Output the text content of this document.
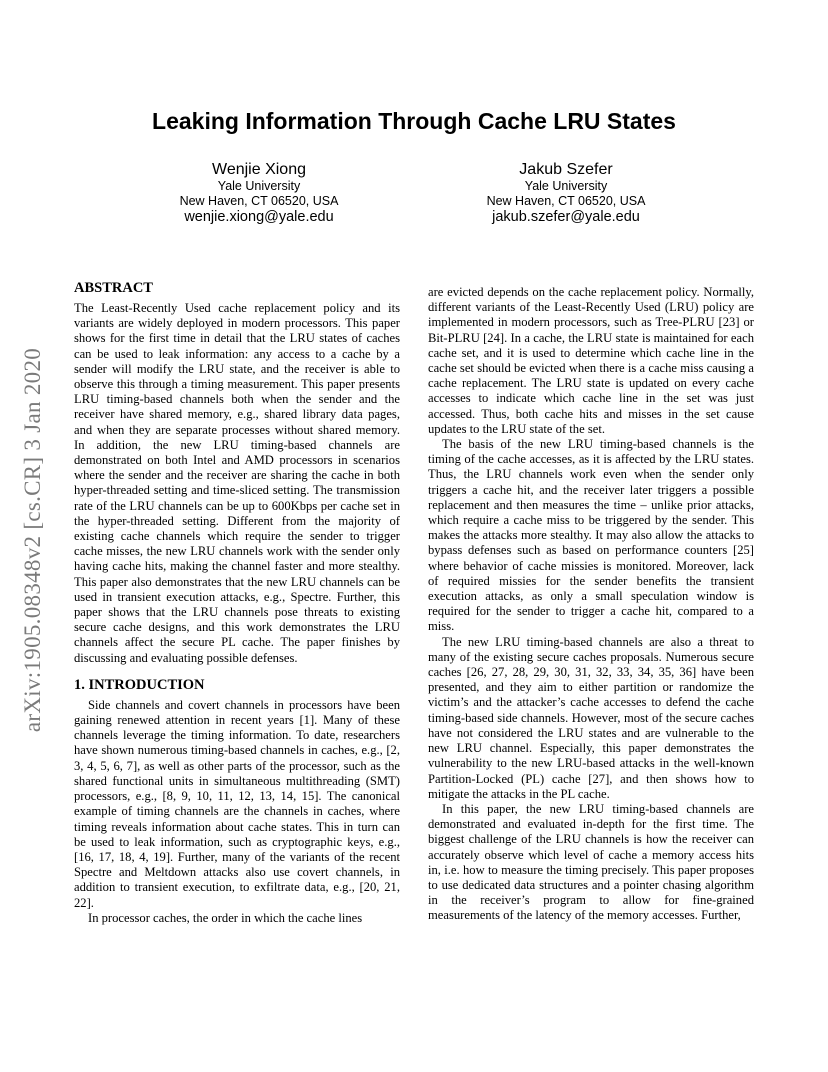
arXiv:1905.08348v2 [cs.CR] 3 Jan 2020
Leaking Information Through Cache LRU States
Wenjie Xiong
Yale University
New Haven, CT 06520, USA
wenjie.xiong@yale.edu
Jakub Szefer
Yale University
New Haven, CT 06520, USA
jakub.szefer@yale.edu
ABSTRACT

The Least-Recently Used cache replacement policy and its variants are widely deployed in modern processors. This paper shows for the first time in detail that the LRU states of caches can be used to leak information: any access to a cache by a sender will modify the LRU state, and the receiver is able to observe this through a timing measurement. This paper presents LRU timing-based channels both when the sender and the receiver have shared memory, e.g., shared library data pages, and when they are separate processes without shared memory. In addition, the new LRU timing-based channels are demonstrated on both Intel and AMD processors in scenarios where the sender and the receiver are sharing the cache in both hyper-threaded setting and time-sliced setting. The transmission rate of the LRU channels can be up to 600Kbps per cache set in the hyper-threaded setting. Different from the majority of existing cache channels which require the sender to trigger cache misses, the new LRU channels work with the sender only having cache hits, making the channel faster and more stealthy. This paper also demonstrates that the new LRU channels can be used in transient execution attacks, e.g., Spectre. Further, this paper shows that the LRU channels pose threats to existing secure cache designs, and this work demonstrates the LRU channels affect the secure PL cache. The paper finishes by discussing and evaluating possible defenses.

1. INTRODUCTION

Side channels and covert channels in processors have been gaining renewed attention in recent years [1]. Many of these channels leverage the timing information. To date, researchers have shown numerous timing-based channels in caches, e.g., [2, 3, 4, 5, 6, 7], as well as other parts of the processor, such as the shared functional units in simultaneous multithreading (SMT) processors, e.g., [8, 9, 10, 11, 12, 13, 14, 15]. The canonical example of timing channels are the channels in caches, where timing reveals information about cache states. This in turn can be used to leak information, such as cryptographic keys, e.g., [16, 17, 18, 4, 19]. Further, many of the variants of the recent Spectre and Meltdown attacks also use covert channels, in addition to transient execution, to exfiltrate data, e.g., [20, 21, 22].

In processor caches, the order in which the cache lines

are evicted depends on the cache replacement policy. Normally, different variants of the Least-Recently Used (LRU) policy are implemented in modern processors, such as Tree-PLRU [23] or Bit-PLRU [24]. In a cache, the LRU state is maintained for each cache set, and it is used to determine which cache line in the cache set should be evicted when there is a cache miss causing a cache replacement. The LRU state is updated on every cache accesses to indicate which cache line in the set was just accessed. Thus, both cache hits and misses in the set cause updates to the LRU state of the set.

The basis of the new LRU timing-based channels is the timing of the cache accesses, as it is affected by the LRU states. Thus, the LRU channels work even when the sender only triggers a cache hit, and the receiver later triggers a possible replacement and then measures the time – unlike prior attacks, which require a cache miss to be triggered by the sender. This makes the attacks more stealthy. It may also allow the attacks to bypass defenses such as based on performance counters [25] where behavior of cache missies is monitored. Moreover, lack of required missies for the sender benefits the transient execution attacks, as only a small speculation window is required for the sender to trigger a cache hit, compared to a miss.

The new LRU timing-based channels are also a threat to many of the existing secure caches proposals. Numerous secure caches [26, 27, 28, 29, 30, 31, 32, 33, 34, 35, 36] have been presented, and they aim to either partition or randomize the victim’s and the attacker’s cache accesses to defend the cache timing-based side channels. However, most of the secure caches have not considered the LRU states and are vulnerable to the new LRU channel. Especially, this paper demonstrates the vulnerability to the new LRU-based attacks in the well-known Partition-Locked (PL) cache [27], and then shows how to mitigate the attacks in the PL cache.

In this paper, the new LRU timing-based channels are demonstrated and evaluated in-depth for the first time. The biggest challenge of the LRU channels is how the receiver can accurately observe which level of cache a memory access hits in, i.e. how to measure the timing precisely. This paper proposes to use dedicated data structures and a pointer chasing algorithm in the receiver’s program to allow for fine-grained measurements of the latency of the memory accesses. Further,
